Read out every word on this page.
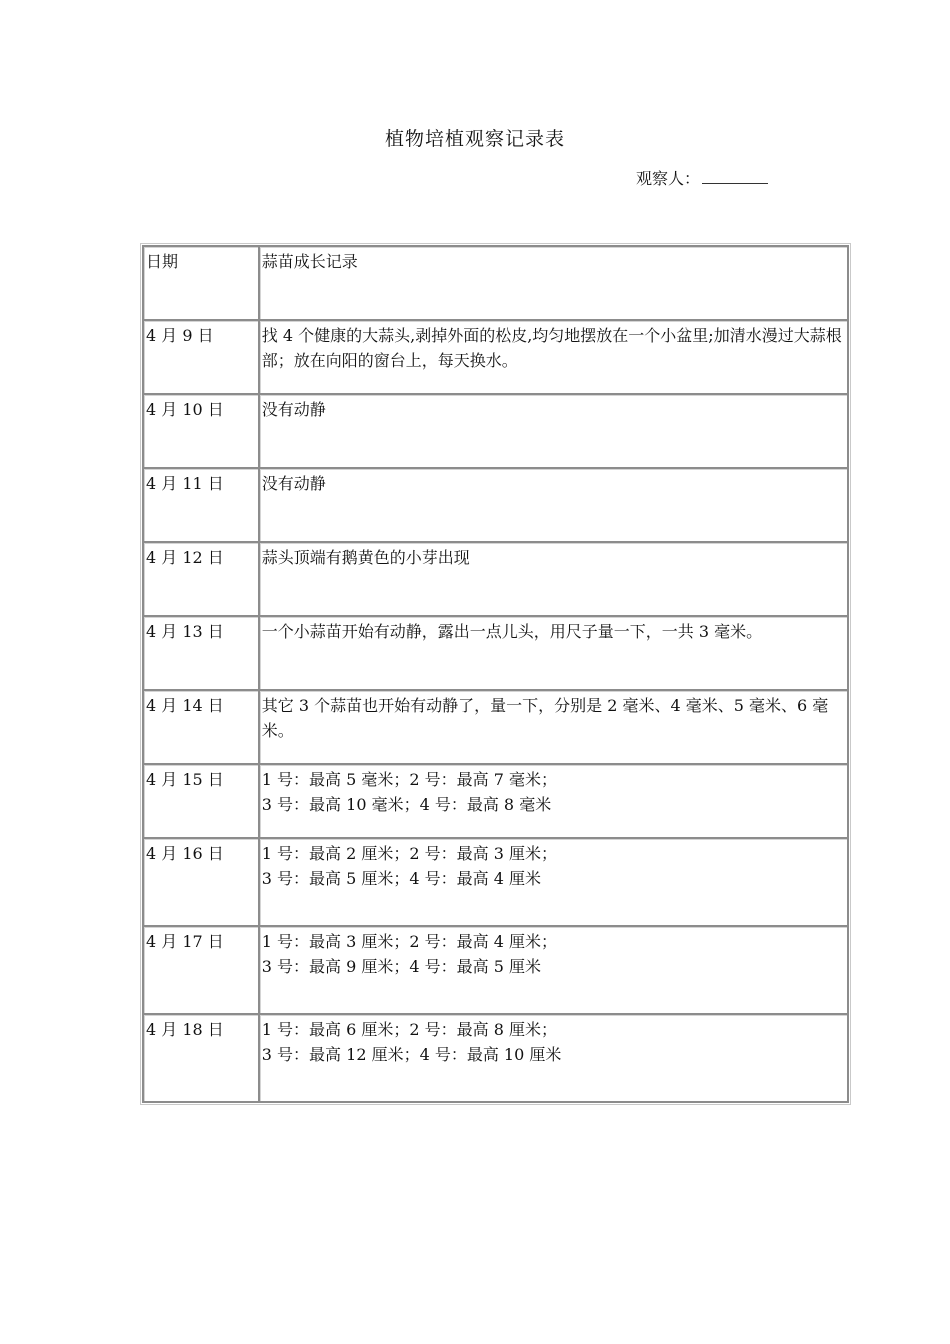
植物培植观察记录表
观察人：
日期	蒜苗成长记录
4 月 9 日	找 4 个健康的大蒜头,剥掉外面的松皮,均匀地摆放在一个小盆里;加清水漫过大蒜根部；放在向阳的窗台上，每天换水。
4 月 10 日	没有动静
4 月 11 日	没有动静
4 月 12 日	蒜头顶端有鹅黄色的小芽出现
4 月 13 日	一个小蒜苗开始有动静，露出一点儿头，用尺子量一下，一共 3 毫米。
4 月 14 日	其它 3 个蒜苗也开始有动静了，量一下，分别是 2 毫米、4 毫米、5 毫米、6 毫米。
4 月 15 日	1 号：最高 5 毫米；2 号：最高 7 毫米；
3 号：最高 10 毫米；4 号：最高 8 毫米

4 月 16 日	1 号：最高 2 厘米；2 号：最高 3 厘米；
3 号：最高 5 厘米；4 号：最高 4 厘米

4 月 17 日	1 号：最高 3 厘米；2 号：最高 4 厘米；
3 号：最高 9 厘米；4 号：最高 5 厘米

4 月 18 日	1 号：最高 6 厘米；2 号：最高 8 厘米；
3 号：最高 12 厘米；4 号：最高 10 厘米
